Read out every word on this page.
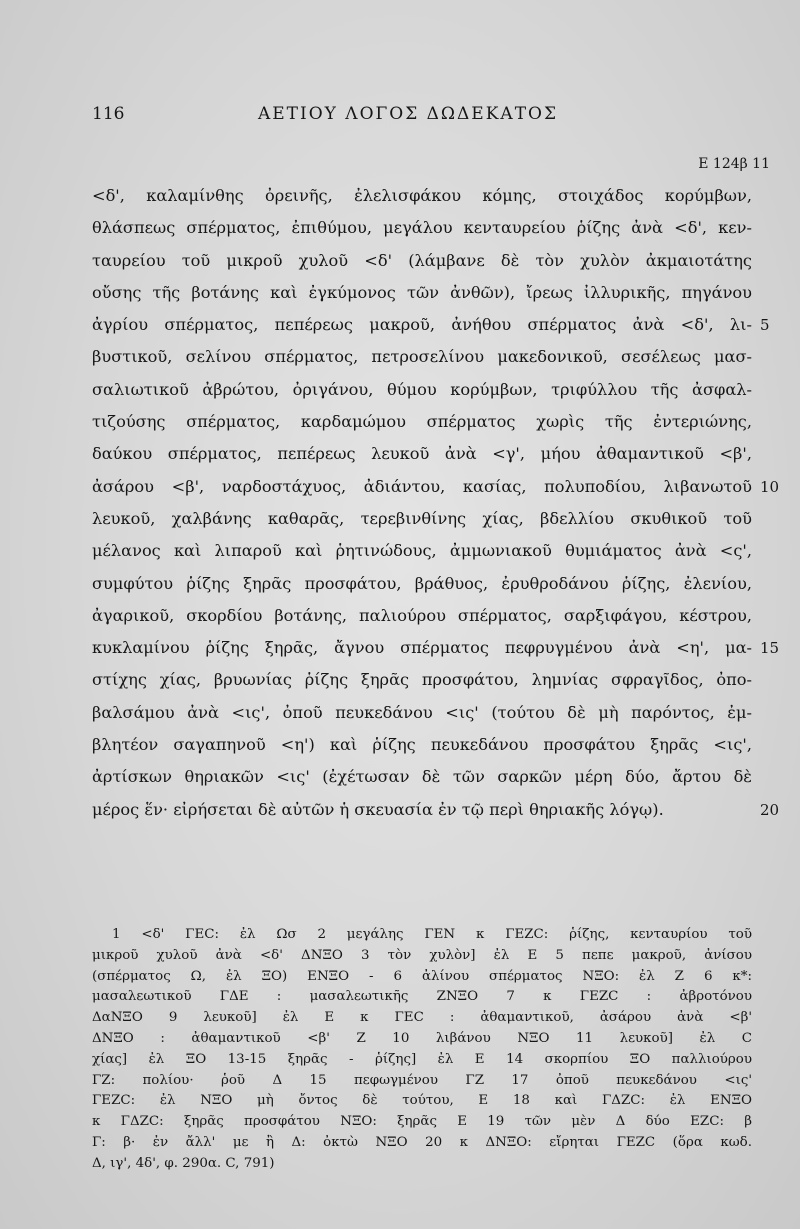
116	ΑΕΤΙΟΥ ΛΟΓΟΣ ΔΩΔΕΚΑΤΟΣ
E 124β 11
<δ', καλαμίνθης ὀρεινῆς, ἐλελισφάκου κόμης, στοιχάδος κορύμβων,
θλάσπεως σπέρματος, ἐπιθύμου, μεγάλου κενταυρείου ῥίζης ἀνὰ <δ', κεν-
ταυρείου τοῦ μικροῦ χυλοῦ <δ' (λάμβανε δὲ τὸν χυλὸν ἀκμαιοτάτης
οὔσης τῆς βοτάνης καὶ ἐγκύμονος τῶν ἀνθῶν), ἴρεως ἰλλυρικῆς, πηγάνου
ἀγρίου σπέρματος, πεπέρεως μακροῦ, ἀνήθου σπέρματος ἀνὰ <δ', λι- 5
βυστικοῦ, σελίνου σπέρματος, πετροσελίνου μακεδονικοῦ, σεσέλεως μασ-
σαλιωτικοῦ ἀβρώτου, ὀριγάνου, θύμου κορύμβων, τριφύλλου τῆς ἀσφαλ-
τιζούσης σπέρματος, καρδαμώμου σπέρματος χωρὶς τῆς ἐντεριώνης,
δαύκου σπέρματος, πεπέρεως λευκοῦ ἀνὰ <γ', μήου ἀθαμαντικοῦ <β',
ἀσάρου <β', ναρδοστάχυος, ἀδιάντου, κασίας, πολυποδίου, λιβανωτοῦ 10
λευκοῦ, χαλβάνης καθαρᾶς, τερεβινθίνης χίας, βδελλίου σκυθικοῦ τοῦ
μέλανος καὶ λιπαροῦ καὶ ῥητινώδους, ἀμμωνιακοῦ θυμιάματος ἀνὰ <ς',
συμφύτου ῥίζης ξηρᾶς προσφάτου, βράθυος, ἐρυθροδάνου ῥίζης, ἐλενίου,
ἀγαρικοῦ, σκορδίου βοτάνης, παλιούρου σπέρματος, σαρξιφάγου, κέστρου,
κυκλαμίνου ῥίζης ξηρᾶς, ἄγνου σπέρματος πεφρυγμένου ἀνὰ <η', μα- 15
στίχης χίας, βρυωνίας ῥίζης ξηρᾶς προσφάτου, λημνίας σφραγῖδος, ὀπο-
βαλσάμου ἀνὰ <ις', ὀποῦ πευκεδάνου <ις' (τούτου δὲ μὴ παρόντος, ἐμ-
βλητέον σαγαπηνοῦ <η') καὶ ῥίζης πευκεδάνου προσφάτου ξηρᾶς <ις',
ἀρτίσκων θηριακῶν <ις' (ἐχέτωσαν δὲ τῶν σαρκῶν μέρη δύο, ἄρτου δὲ
μέρος ἕν· εἰρήσεται δὲ αὐτῶν ἡ σκευασία ἐν τῷ περὶ θηριακῆς λόγῳ).	20
1 <δ' ΓΕC: ἐλ Ωσ 2 μεγάλης ΓΕΝ κ ΓΕΖC: ῥίζης, κενταυρίου τοῦ
μικροῦ χυλοῦ ἀνὰ <δ' ΔΝΞΟ 3 τὸν χυλὸν] ἐλ Ε 5 πεπε μακροῦ, ἀνίσου
(σπέρματος Ω, ἐλ ΞΟ) ΕΝΞΟ - 6 ἀλίνου σπέρματος ΝΞΟ: ἐλ Ζ 6 κ*:
μασαλεωτικοῦ ΓΔΕ : μασαλεωτικῆς ΖΝΞΟ 7 κ ΓΕΖC : ἀβροτόνου
ΔαΝΞΟ 9 λευκοῦ] ἐλ Ε κ ΓΕC : ἀθαμαντικοῦ, ἀσάρου ἀνὰ <β'
ΔΝΞΟ : ἀθαμαντικοῦ <β' Ζ 10 λιβάνου ΝΞΟ 11 λευκοῦ] ἐλ C
χίας] ἐλ ΞΟ 13-15 ξηρᾶς - ῥίζης] ἐλ Ε 14 σκορπίου ΞΟ παλλιούρου
ΓΖ: πολίου· ῥοῦ Δ 15 πεφωγμένου ΓΖ 17 ὀποῦ πευκεδάνου <ις'
ΓΕΖC: ἐλ ΝΞΟ μὴ ὄντος δὲ τούτου, Ε 18 καὶ ΓΔΖC: ἐλ ΕΝΞΟ
κ ΓΔΖC: ξηρᾶς προσφάτου ΝΞΟ: ξηρᾶς Ε 19 τῶν μὲν Δ δύο ΕΖC: β
Γ: β· ἐν ἄλλ' με ἢ Δ: ὀκτὼ ΝΞΟ 20 κ ΔΝΞΟ: εἴρηται ΓΕΖC (ὅρα κωδ.
Δ, ιγ', 4δ', φ. 290α. C, 791)
